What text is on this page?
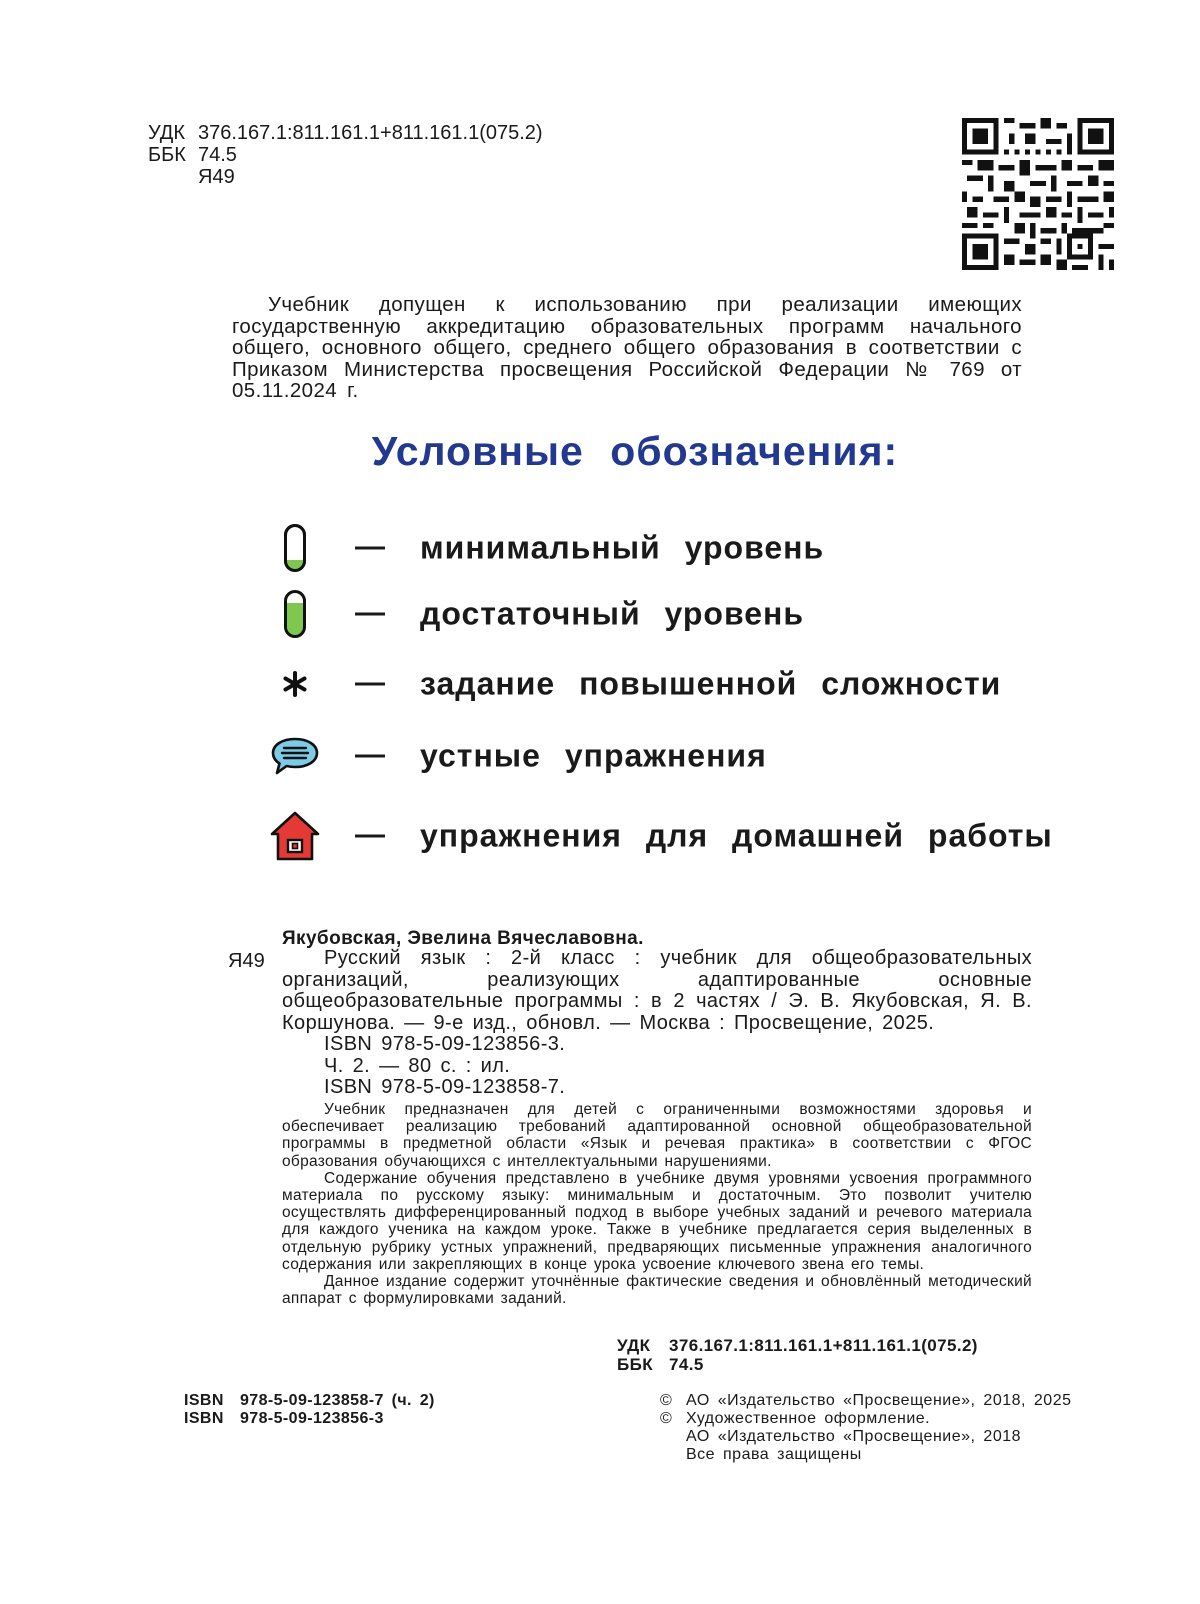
УДК 376.167.1:811.161.1+811.161.1(075.2)
ББК 74.5
Я49

Учебник допущен к использованию при реализации имеющих государственную аккредитацию образовательных программ начального общего, основного общего, среднего общего образования в соответствии с Приказом Министерства просвещения Российской Федерации № 769 от 05.11.2024 г.

Условные обозначения:
минимальный уровень
достаточный уровень
задание повышенной сложности
устные упражнения
упражнения для домашней работы
Якубовская, Эвелина Вячеславовна.
Я49	Русский язык : 2-й класс : учебник для общеобразовательных организаций, реализующих адаптированные основные общеобразовательные программы : в 2 частях / Э. В. Якубовская, Я. В. Коршунова. — 9-е изд., обновл. — Москва : Просвещение, 2025.

ISBN 978-5-09-123856-3.
Ч. 2. — 80 с. : ил.
ISBN 978-5-09-123858-7.

Учебник предназначен для детей с ограниченными возможностями здоровья и обеспечивает реализацию требований адаптированной основной общеобразовательной программы в предметной области «Язык и речевая практика» в соответствии с ФГОС образования обучающихся с интеллектуальными нарушениями.

Содержание обучения представлено в учебнике двумя уровнями усвоения программного материала по русскому языку: минимальным и достаточным. Это позволит учителю осуществлять дифференцированный подход в выборе учебных заданий и речевого материала для каждого ученика на каждом уроке. Также в учебнике предлагается серия выделенных в отдельную рубрику устных упражнений, предваряющих письменные упражнения аналогичного содержания или закрепляющих в конце урока усвоение ключевого звена его темы.

Данное издание содержит уточнённые фактические сведения и обновлённый методический аппарат с формулировками заданий.

УДК 376.167.1:811.161.1+811.161.1(075.2)
ББК 74.5
ISBN 978-5-09-123858-7 (ч. 2)
ISBN 978-5-09-123856-3
© АО «Издательство «Просвещение», 2018, 2025
© Художественное оформление.
АО «Издательство «Просвещение», 2018
Все права защищены
